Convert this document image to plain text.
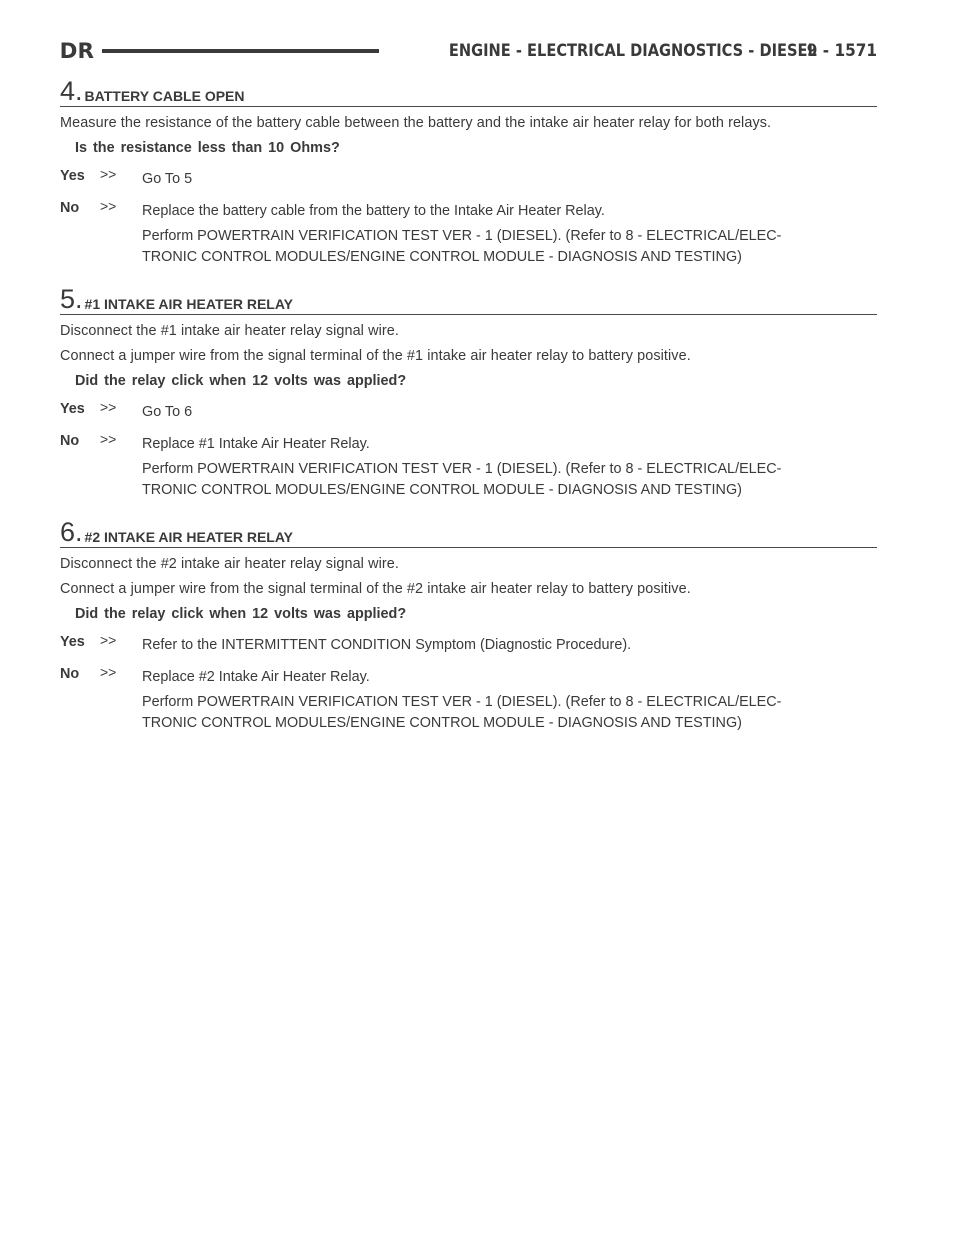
DR	ENGINE - ELECTRICAL DIAGNOSTICS - DIESEL
9 - 1571
4. BATTERY CABLE OPEN
Measure the resistance of the battery cable between the battery and the intake air heater relay for both relays.
Is the resistance less than 10 Ohms?
Yes	>>	Go To 5
No	>>	Replace the battery cable from the battery to the Intake Air Heater Relay.
Perform POWERTRAIN VERIFICATION TEST VER - 1 (DIESEL). (Refer to 8 - ELECTRICAL/ELEC-
TRONIC CONTROL MODULES/ENGINE CONTROL MODULE - DIAGNOSIS AND TESTING)
5. #1 INTAKE AIR HEATER RELAY
Disconnect the #1 intake air heater relay signal wire.
Connect a jumper wire from the signal terminal of the #1 intake air heater relay to battery positive.
Did the relay click when 12 volts was applied?
Yes	>>	Go To 6
No	>>	Replace #1 Intake Air Heater Relay.
Perform POWERTRAIN VERIFICATION TEST VER - 1 (DIESEL). (Refer to 8 - ELECTRICAL/ELEC-
TRONIC CONTROL MODULES/ENGINE CONTROL MODULE - DIAGNOSIS AND TESTING)
6. #2 INTAKE AIR HEATER RELAY
Disconnect the #2 intake air heater relay signal wire.
Connect a jumper wire from the signal terminal of the #2 intake air heater relay to battery positive.
Did the relay click when 12 volts was applied?
Yes	>>	Refer to the INTERMITTENT CONDITION Symptom (Diagnostic Procedure).
No	>>	Replace #2 Intake Air Heater Relay.
Perform POWERTRAIN VERIFICATION TEST VER - 1 (DIESEL). (Refer to 8 - ELECTRICAL/ELEC-
TRONIC CONTROL MODULES/ENGINE CONTROL MODULE - DIAGNOSIS AND TESTING)
